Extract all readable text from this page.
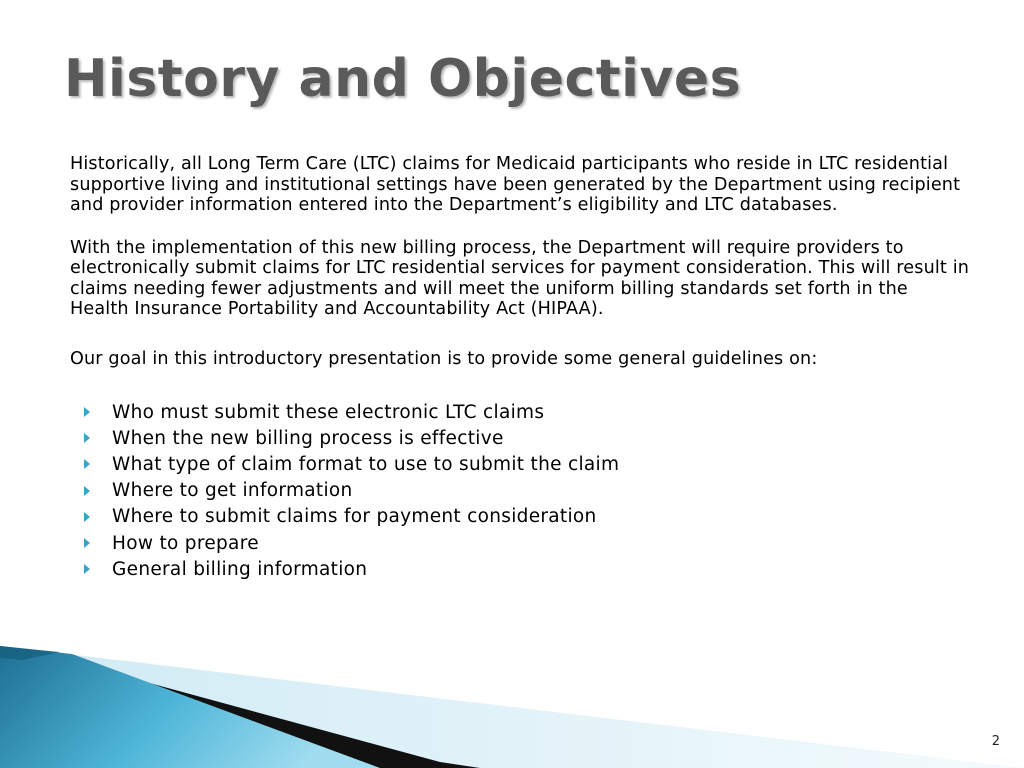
History and Objectives

Historically, all Long Term Care (LTC) claims for Medicaid participants who reside in LTC residential supportive living and institutional settings have been generated by the Department using recipient and provider information entered into the Department’s eligibility and LTC databases.

With the implementation of this new billing process, the Department will require providers to electronically submit claims for LTC residential services for payment consideration. This will result in claims needing fewer adjustments and will meet the uniform billing standards set forth in the Health Insurance Portability and Accountability Act (HIPAA).

Our goal in this introductory presentation is to provide some general guidelines on:

Who must submit these electronic LTC claims
When the new billing process is effective
What type of claim format to use to submit the claim
Where to get information
Where to submit claims for payment consideration
How to prepare
General billing information
2
